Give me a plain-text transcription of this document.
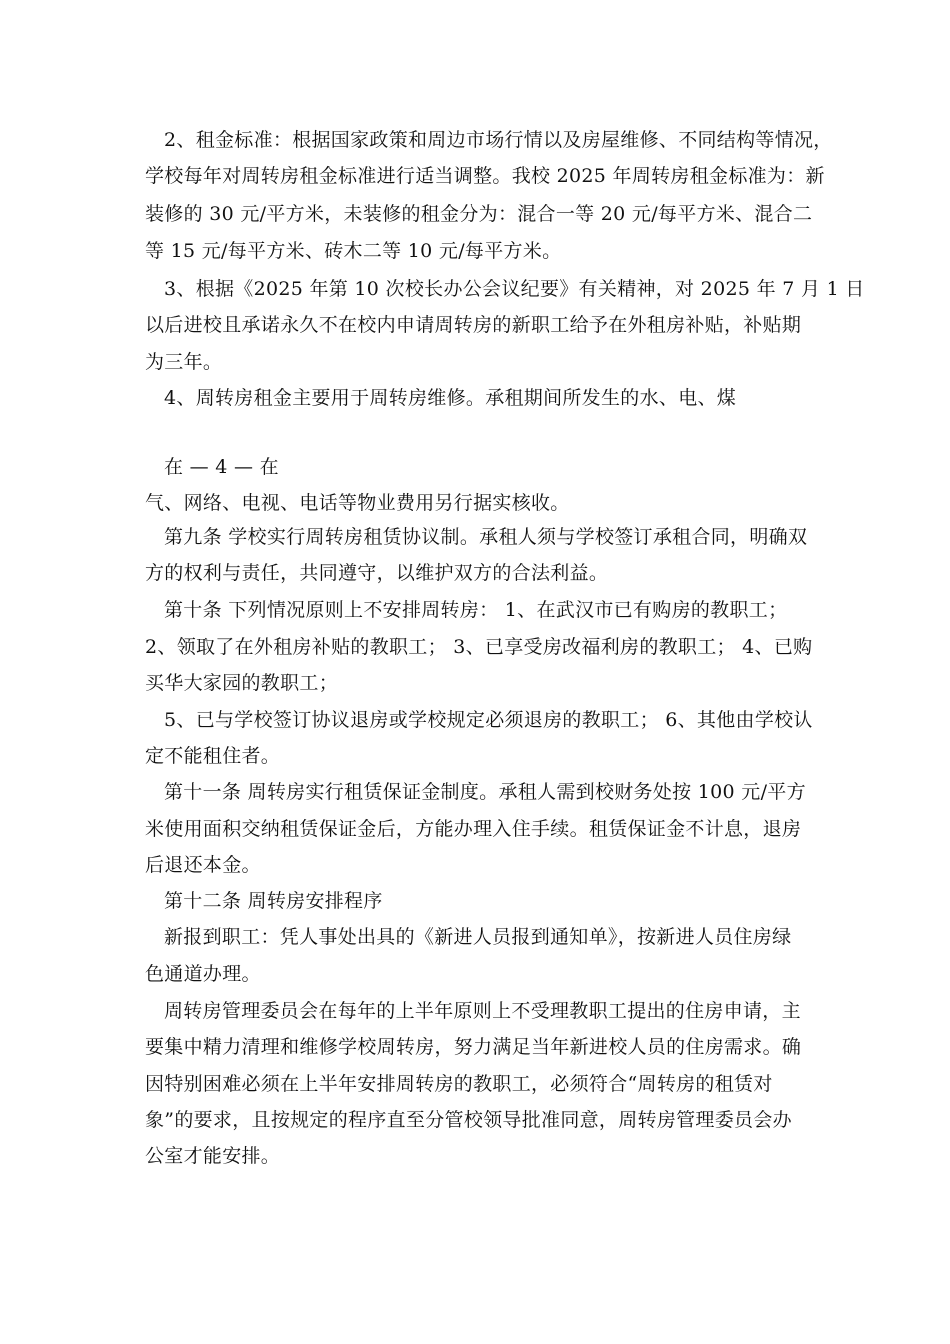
2、租金标准：根据国家政策和周边市场行情以及房屋维修、不同结构等情况，
学校每年对周转房租金标准进行适当调整。我校 2025 年周转房租金标准为：新
装修的 30 元/平方米，未装修的租金分为：混合一等 20 元/每平方米、混合二
等 15 元/每平方米、砖木二等 10 元/每平方米。
3、根据《2025 年第 10 次校长办公会议纪要》有关精神，对 2025 年 7 月 1 日
以后进校且承诺永久不在校内申请周转房的新职工给予在外租房补贴，补贴期
为三年。
4、周转房租金主要用于周转房维修。承租期间所发生的水、电、煤
在 — 4 — 在
气、网络、电视、电话等物业费用另行据实核收。
第九条 学校实行周转房租赁协议制。承租人须与学校签订承租合同，明确双
方的权利与责任，共同遵守，以维护双方的合法利益。
第十条 下列情况原则上不安排周转房： 1、在武汉市已有购房的教职工；
2、领取了在外租房补贴的教职工； 3、已享受房改福利房的教职工； 4、已购
买华大家园的教职工；
5、已与学校签订协议退房或学校规定必须退房的教职工； 6、其他由学校认
定不能租住者。
第十一条 周转房实行租赁保证金制度。承租人需到校财务处按 100 元/平方
米使用面积交纳租赁保证金后，方能办理入住手续。租赁保证金不计息，退房
后退还本金。
第十二条 周转房安排程序
新报到职工：凭人事处出具的《新进人员报到通知单》，按新进人员住房绿
色通道办理。
周转房管理委员会在每年的上半年原则上不受理教职工提出的住房申请，主
要集中精力清理和维修学校周转房，努力满足当年新进校人员的住房需求。确
因特别困难必须在上半年安排周转房的教职工，必须符合“周转房的租赁对
象”的要求，且按规定的程序直至分管校领导批准同意，周转房管理委员会办
公室才能安排。
